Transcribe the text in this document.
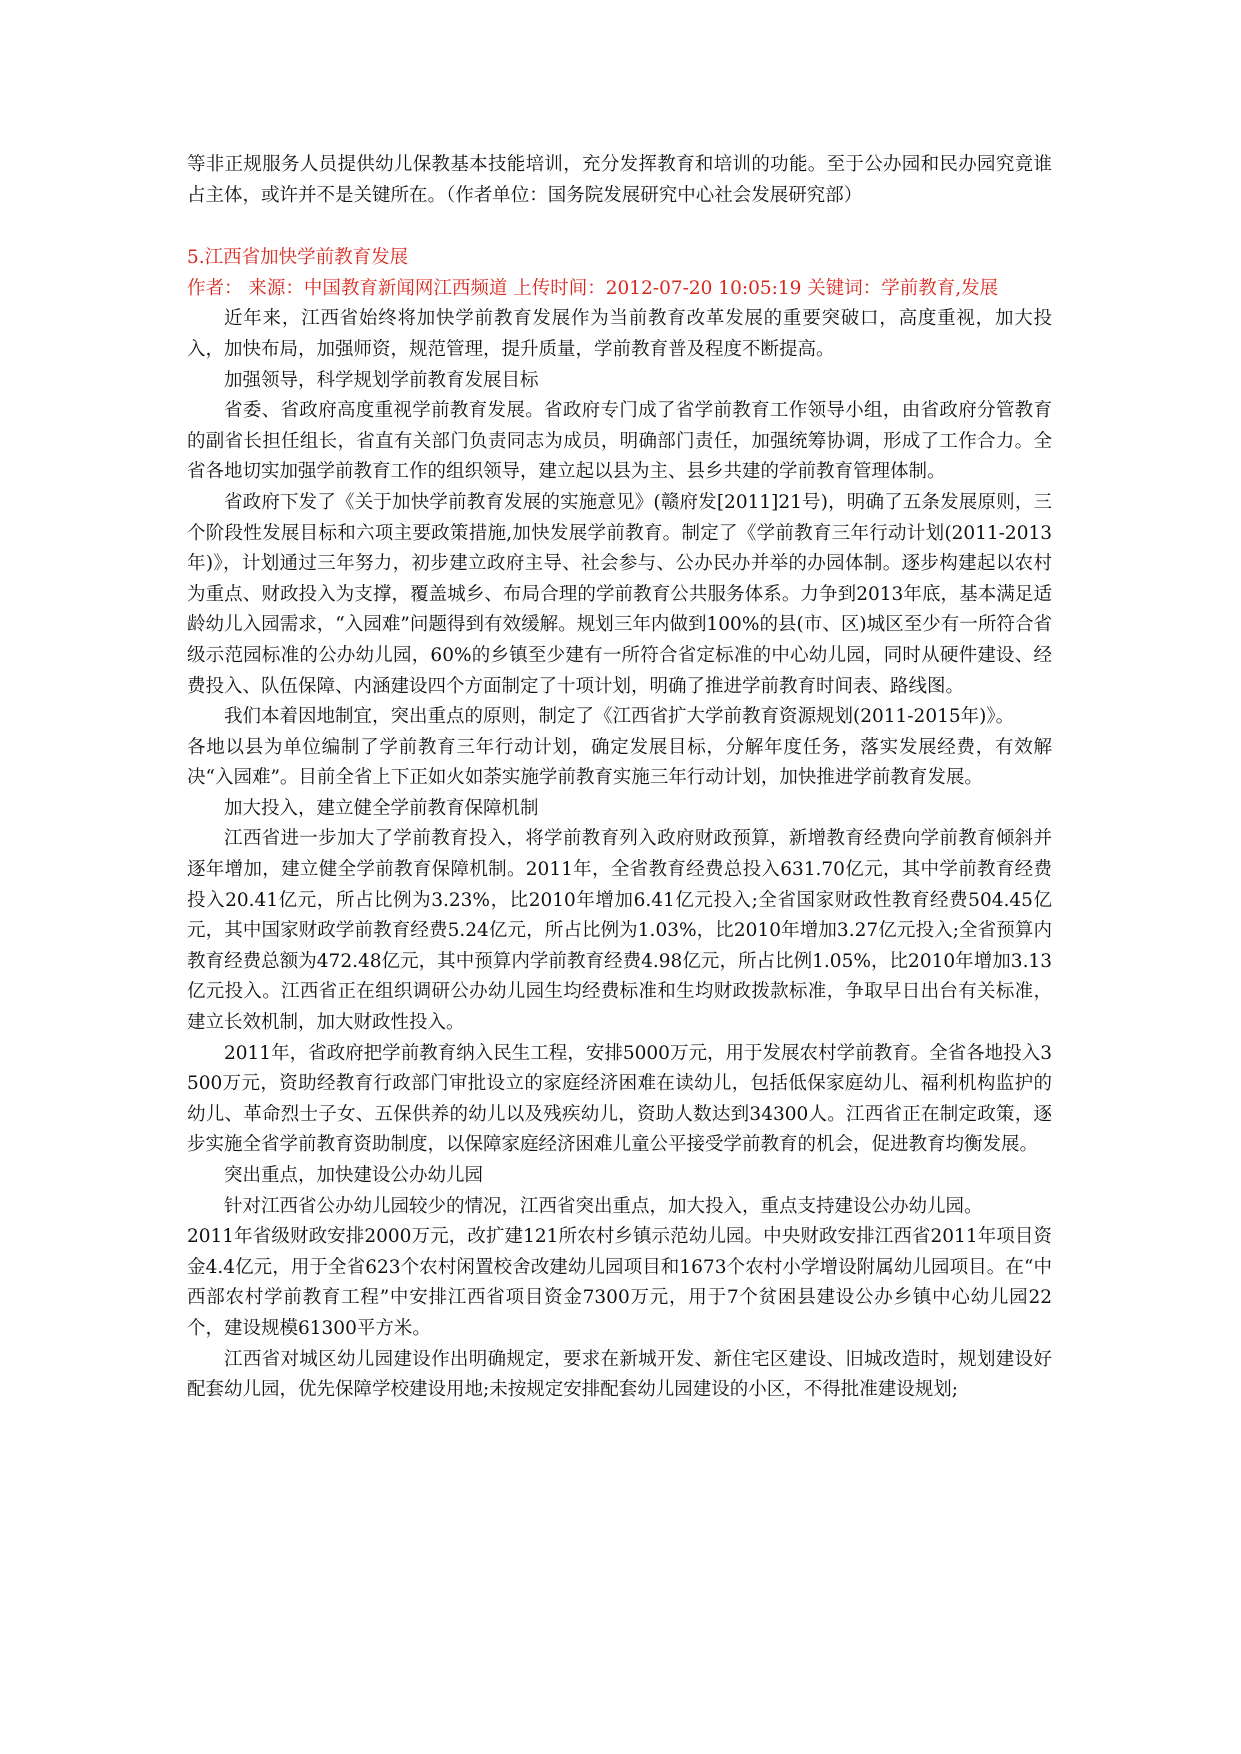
等非正规服务人员提供幼儿保教基本技能培训，充分发挥教育和培训的功能。至于公办园和民办园究竟谁占主体，或许并不是关键所在。（作者单位：国务院发展研究中心社会发展研究部）

5.江西省加快学前教育发展

作者： 来源：中国教育新闻网江西频道 上传时间：2012-07-20 10:05:19 关键词：学前教育,发展

近年来，江西省始终将加快学前教育发展作为当前教育改革发展的重要突破口，高度重视，加大投入，加快布局，加强师资，规范管理，提升质量，学前教育普及程度不断提高。

加强领导，科学规划学前教育发展目标

省委、省政府高度重视学前教育发展。省政府专门成了省学前教育工作领导小组，由省政府分管教育的副省长担任组长，省直有关部门负责同志为成员，明确部门责任，加强统筹协调，形成了工作合力。全省各地切实加强学前教育工作的组织领导，建立起以县为主、县乡共建的学前教育管理体制。

省政府下发了《关于加快学前教育发展的实施意见》(赣府发[2011]21号)，明确了五条发展原则，三个阶段性发展目标和六项主要政策措施,加快发展学前教育。制定了《学前教育三年行动计划(2011-2013年)》，计划通过三年努力，初步建立政府主导、社会参与、公办民办并举的办园体制。逐步构建起以农村为重点、财政投入为支撑，覆盖城乡、布局合理的学前教育公共服务体系。力争到2013年底，基本满足适龄幼儿入园需求，“入园难”问题得到有效缓解。规划三年内做到100%的县(市、区)城区至少有一所符合省级示范园标准的公办幼儿园，60%的乡镇至少建有一所符合省定标准的中心幼儿园，同时从硬件建设、经费投入、队伍保障、内涵建设四个方面制定了十项计划，明确了推进学前教育时间表、路线图。

我们本着因地制宜，突出重点的原则，制定了《江西省扩大学前教育资源规划(2011-2015年)》。

各地以县为单位编制了学前教育三年行动计划，确定发展目标，分解年度任务，落实发展经费，有效解决“入园难”。目前全省上下正如火如荼实施学前教育实施三年行动计划，加快推进学前教育发展。

加大投入，建立健全学前教育保障机制

江西省进一步加大了学前教育投入，将学前教育列入政府财政预算，新增教育经费向学前教育倾斜并逐年增加，建立健全学前教育保障机制。2011年，全省教育经费总投入631.70亿元，其中学前教育经费投入20.41亿元，所占比例为3.23%，比2010年增加6.41亿元投入;全省国家财政性教育经费504.45亿元，其中国家财政学前教育经费5.24亿元，所占比例为1.03%，比2010年增加3.27亿元投入;全省预算内教育经费总额为472.48亿元，其中预算内学前教育经费4.98亿元，所占比例1.05%，比2010年增加3.13亿元投入。江西省正在组织调研公办幼儿园生均经费标准和生均财政拨款标准，争取早日出台有关标准，建立长效机制，加大财政性投入。

2011年，省政府把学前教育纳入民生工程，安排5000万元，用于发展农村学前教育。全省各地投入3500万元，资助经教育行政部门审批设立的家庭经济困难在读幼儿，包括低保家庭幼儿、福利机构监护的幼儿、革命烈士子女、五保供养的幼儿以及残疾幼儿，资助人数达到34300人。江西省正在制定政策，逐步实施全省学前教育资助制度，以保障家庭经济困难儿童公平接受学前教育的机会，促进教育均衡发展。

突出重点，加快建设公办幼儿园

针对江西省公办幼儿园较少的情况，江西省突出重点，加大投入，重点支持建设公办幼儿园。

2011年省级财政安排2000万元，改扩建121所农村乡镇示范幼儿园。中央财政安排江西省2011年项目资金4.4亿元，用于全省623个农村闲置校舍改建幼儿园项目和1673个农村小学增设附属幼儿园项目。在“中西部农村学前教育工程”中安排江西省项目资金7300万元，用于7个贫困县建设公办乡镇中心幼儿园22个，建设规模61300平方米。

江西省对城区幼儿园建设作出明确规定，要求在新城开发、新住宅区建设、旧城改造时，规划建设好配套幼儿园，优先保障学校建设用地;未按规定安排配套幼儿园建设的小区，不得批准建设规划;
